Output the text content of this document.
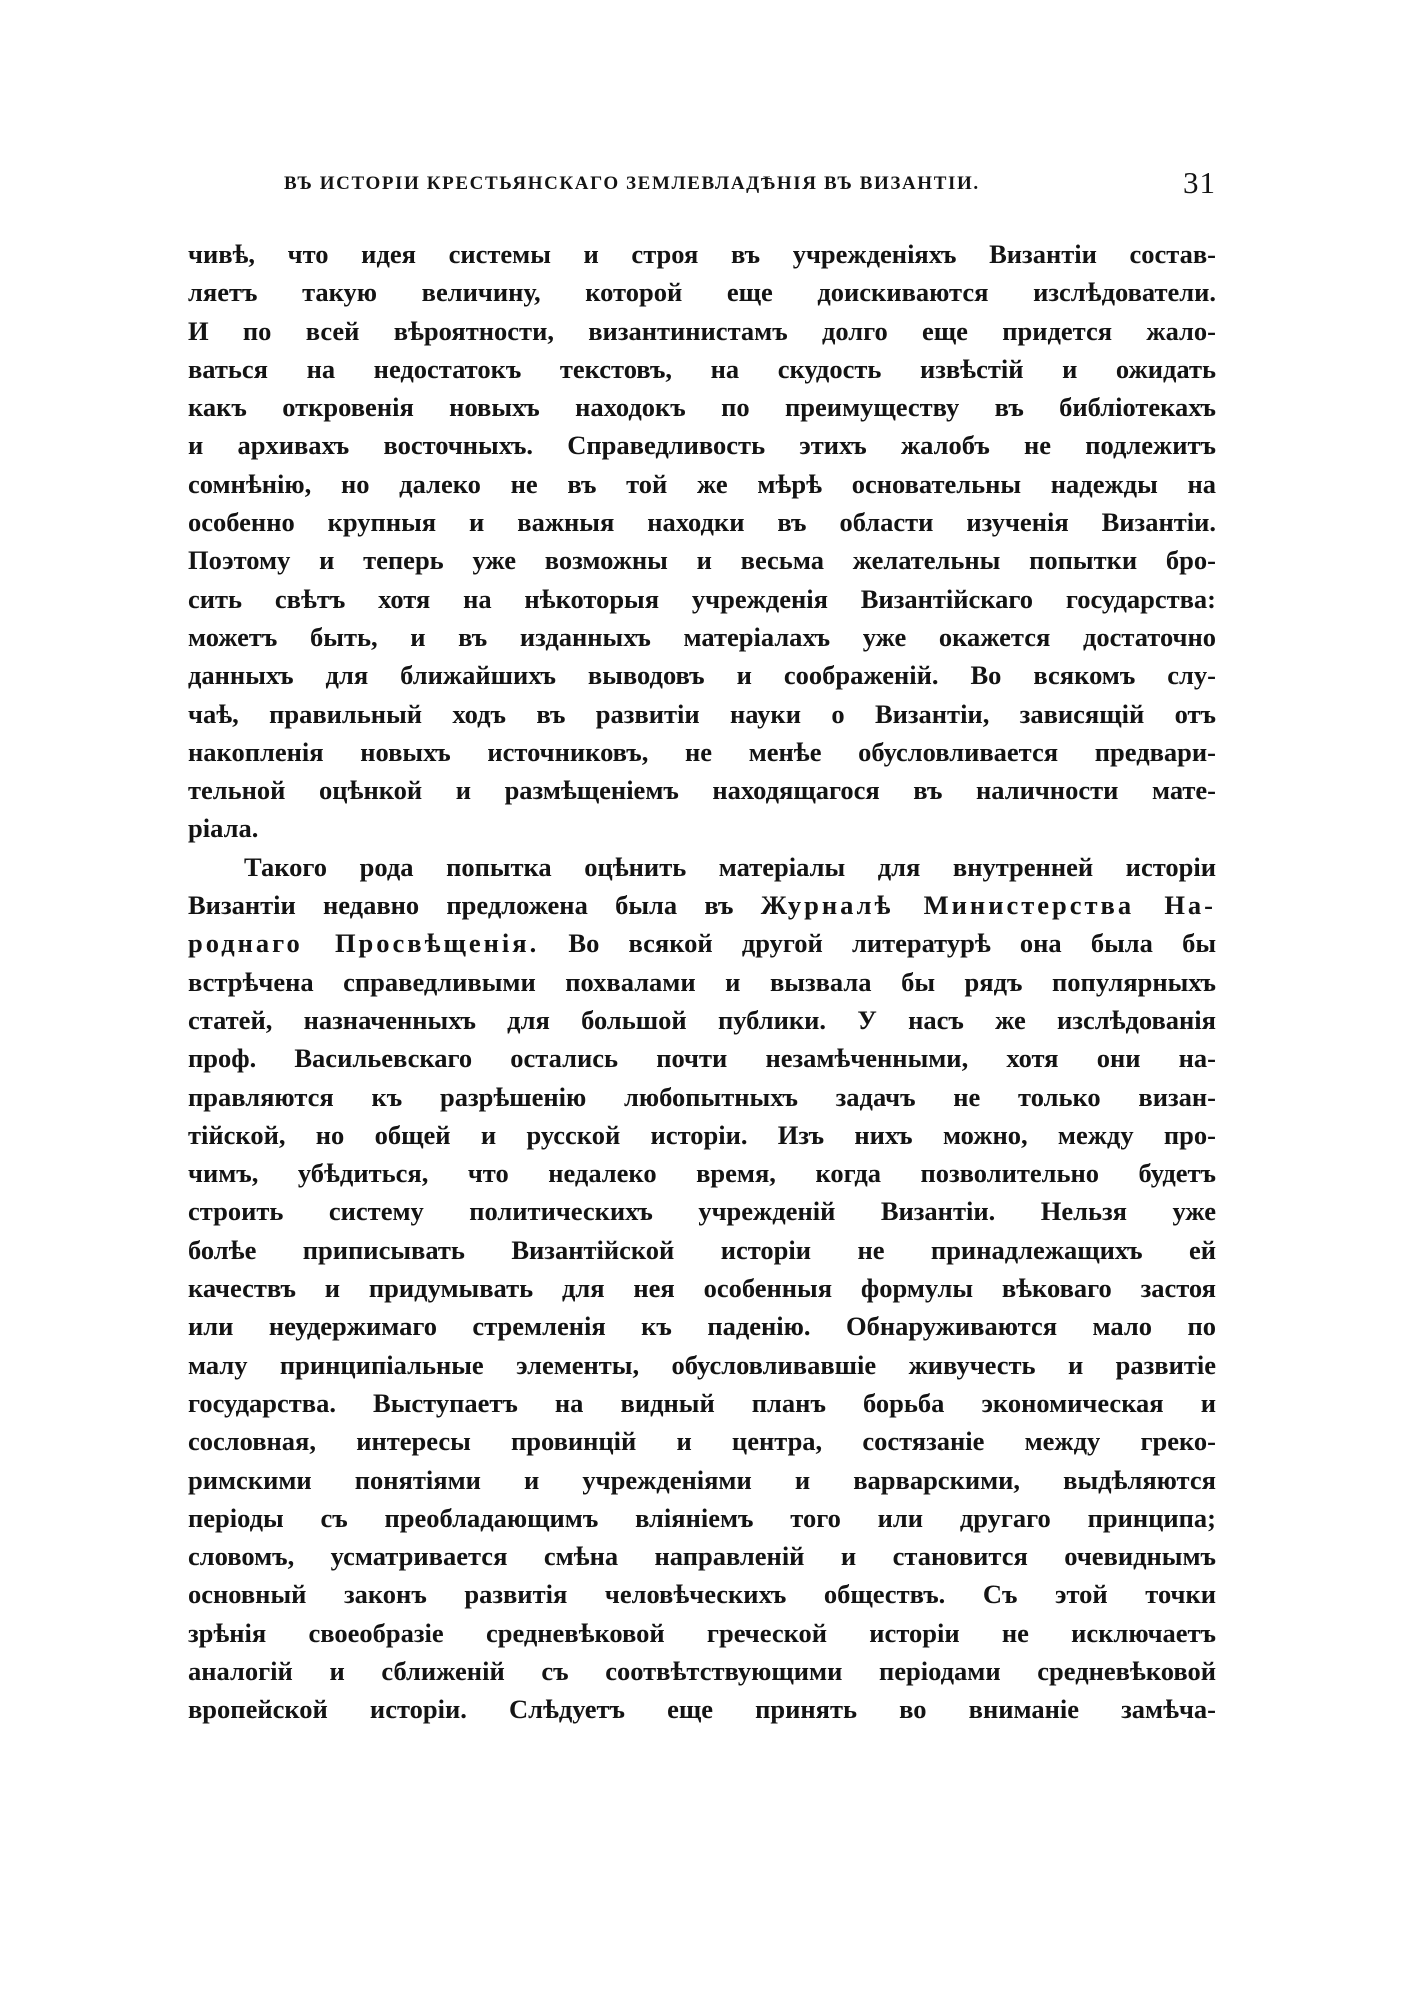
ВЪ ИСТОРІИ КРЕСТЬЯНСКАГО ЗЕМЛЕВЛАДѢНІЯ ВЪ ВИЗАНТІИ.	31
чивѣ, что идея системы и строя въ учрежденіяхъ Византіи состав-
ляетъ такую величину, которой еще доискиваются изслѣдователи.
И по всей вѣроятности, византинистамъ долго еще придется жало-
ваться на недостатокъ текстовъ, на скудость извѣстій и ожидать
какъ откровенія новыхъ находокъ по преимуществу въ библіотекахъ
и архивахъ восточныхъ. Справедливость этихъ жалобъ не подлежитъ
сомнѣнію, но далеко не въ той же мѣрѣ основательны надежды на
особенно крупныя и важныя находки въ области изученія Византіи.
Поэтому и теперь уже возможны и весьма желательны попытки бро-
сить свѣтъ хотя на нѣкоторыя учрежденія Византійскаго государства:
можетъ быть, и въ изданныхъ матеріалахъ уже окажется достаточно
данныхъ для ближайшихъ выводовъ и соображеній. Во всякомъ слу-
чаѣ, правильный ходъ въ развитіи науки о Византіи, зависящій отъ
накопленія новыхъ источниковъ, не менѣе обусловливается предвари-
тельной оцѣнкой и размѣщеніемъ находящагося въ наличности мате-
ріала.
Такого рода попытка оцѣнить матеріалы для внутренней исторіи
Византіи недавно предложена была въ Журналѣ Министерства На-
роднаго Просвѣщенія. Во всякой другой литературѣ она была бы
встрѣчена справедливыми похвалами и вызвала бы рядъ популярныхъ
статей, назначенныхъ для большой публики. У насъ же изслѣдованія
проф. Васильевскаго остались почти незамѣченными, хотя они на-
правляются къ разрѣшенію любопытныхъ задачъ не только визан-
тійской, но общей и русской исторіи. Изъ нихъ можно, между про-
чимъ, убѣдиться, что недалеко время, когда позволительно будетъ
строить систему политическихъ учрежденій Византіи. Нельзя уже
болѣе приписывать Византійской исторіи не принадлежащихъ ей
качествъ и придумывать для нея особенныя формулы вѣковаго застоя
или неудержимаго стремленія къ паденію. Обнаруживаются мало по
малу принципіальные элементы, обусловливавшіе живучесть и развитіе
государства. Выступаетъ на видный планъ борьба экономическая и
сословная, интересы провинцій и центра, состязаніе между греко-
римскими понятіями и учрежденіями и варварскими, выдѣляются
періоды съ преобладающимъ вліяніемъ того или другаго принципа;
словомъ, усматривается смѣна направленій и становится очевиднымъ
основный законъ развитія человѣческихъ обществъ. Съ этой точки
зрѣнія своеобразіе средневѣковой греческой исторіи не исключаетъ
аналогій и сближеній съ соотвѣтствующими періодами средневѣковой
вропейской исторіи. Слѣдуетъ еще принять во вниманіе замѣча-
